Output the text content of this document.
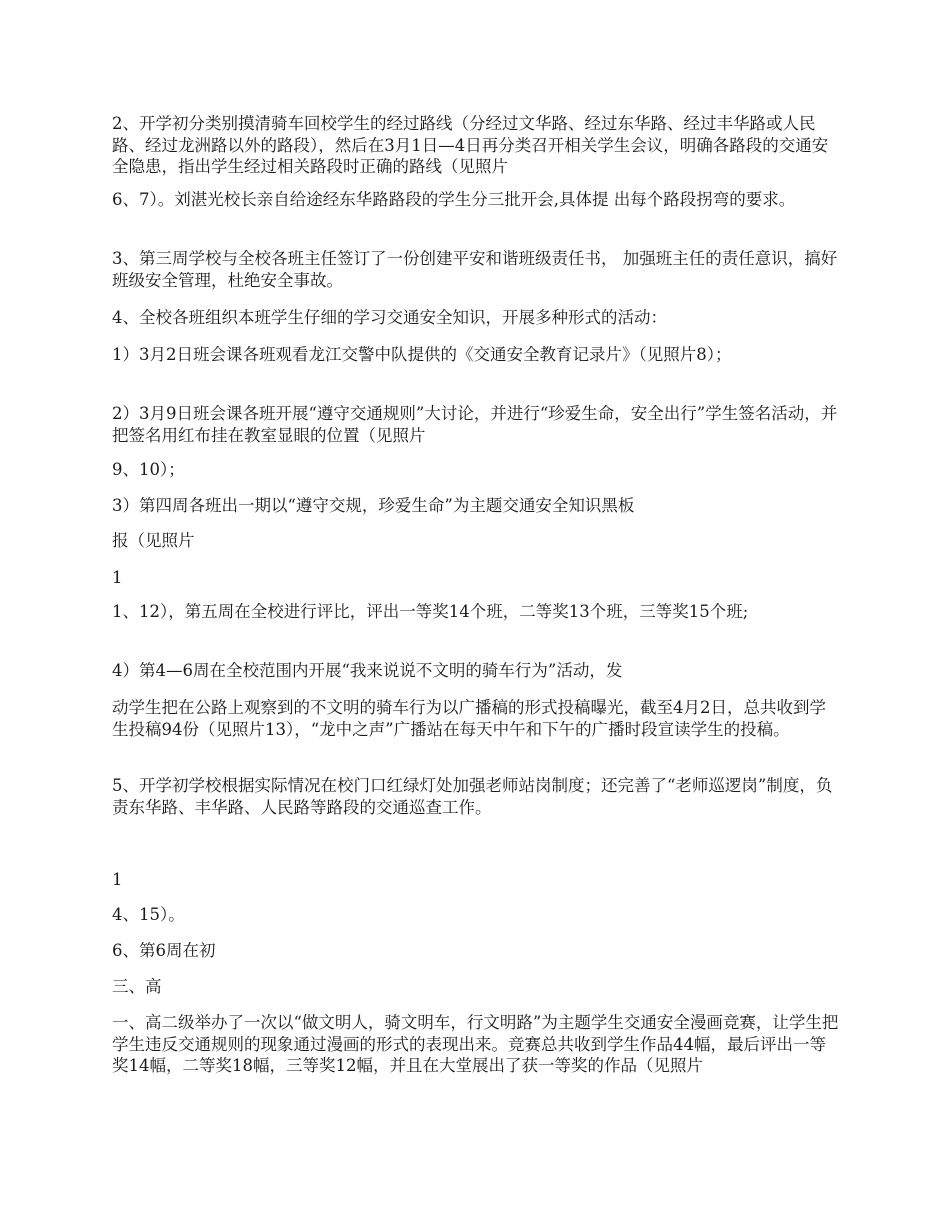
2、开学初分类别摸清骑车回校学生的经过路线（分经过文华路、经过东华路、经过丰华路或人民路、经过龙洲路以外的路段），然后在3月1日—4日再分类召开相关学生会议，明确各路段的交通安全隐患，指出学生经过相关路段时正确的路线（见照片

6、7）。刘湛光校长亲自给途经东华路路段的学生分三批开会,具体提 出每个路段拐弯的要求。

3、第三周学校与全校各班主任签订了一份创建平安和谐班级责任书， 加强班主任的责任意识，搞好班级安全管理，杜绝安全事故。

4、全校各班组织本班学生仔细的学习交通安全知识，开展多种形式的活动：

1）3月2日班会课各班观看龙江交警中队提供的《交通安全教育记录片》（见照片8）；

2）3月9日班会课各班开展“遵守交通规则”大讨论，并进行“珍爱生命，安全出行”学生签名活动，并把签名用红布挂在教室显眼的位置（见照片

9、10）；

3）第四周各班出一期以“遵守交规，珍爱生命”为主题交通安全知识黑板

报（见照片

1

1、12），第五周在全校进行评比，评出一等奖14个班，二等奖13个班，三等奖15个班;

4）第4—6周在全校范围内开展“我来说说不文明的骑车行为”活动，发

动学生把在公路上观察到的不文明的骑车行为以广播稿的形式投稿曝光，截至4月2日，总共收到学生投稿94份（见照片13），“龙中之声”广播站在每天中午和下午的广播时段宣读学生的投稿。

5、开学初学校根据实际情况在校门口红绿灯处加强老师站岗制度；还完善了“老师巡逻岗”制度，负责东华路、丰华路、人民路等路段的交通巡查工作。

1

4、15）。

6、第6周在初

三、高

一、高二级举办了一次以“做文明人，骑文明车，行文明路”为主题学生交通安全漫画竞赛，让学生把学生违反交通规则的现象通过漫画的形式的表现出来。竞赛总共收到学生作品44幅，最后评出一等奖14幅，二等奖18幅，三等奖12幅，并且在大堂展出了获一等奖的作品（见照片
